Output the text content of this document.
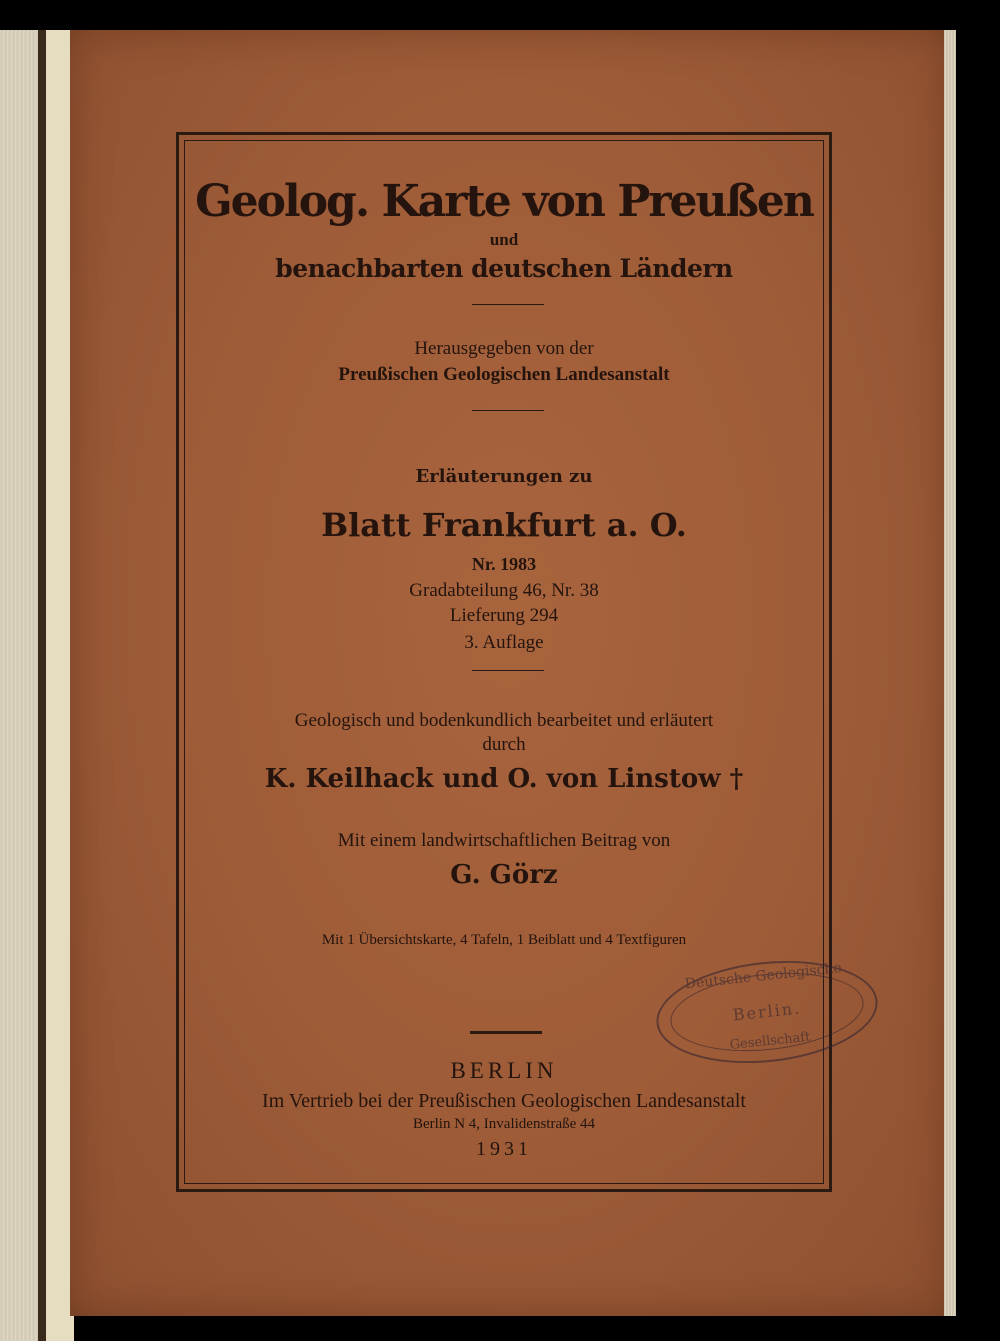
Geolog. Karte von Preußen

und

benachbarten deutschen Ländern

Herausgegeben von der

Preußischen Geologischen Landesanstalt

Erläuterungen zu

Blatt Frankfurt a. O.

Nr. 1983

Gradabteilung 46, Nr. 38

Lieferung 294

3. Auflage

Geologisch und bodenkundlich bearbeitet und erläutert

durch

K. Keilhack und O. von Linstow †

Mit einem landwirtschaftlichen Beitrag von

G. Görz

Mit 1 Übersichtskarte, 4 Tafeln, 1 Beiblatt und 4 Textfiguren

BERLIN

Im Vertrieb bei der Preußischen Geologischen Landesanstalt

Berlin N 4, Invalidenstraße 44

1931

Deutsche Geologische
Berlin.
Gesellschaft
